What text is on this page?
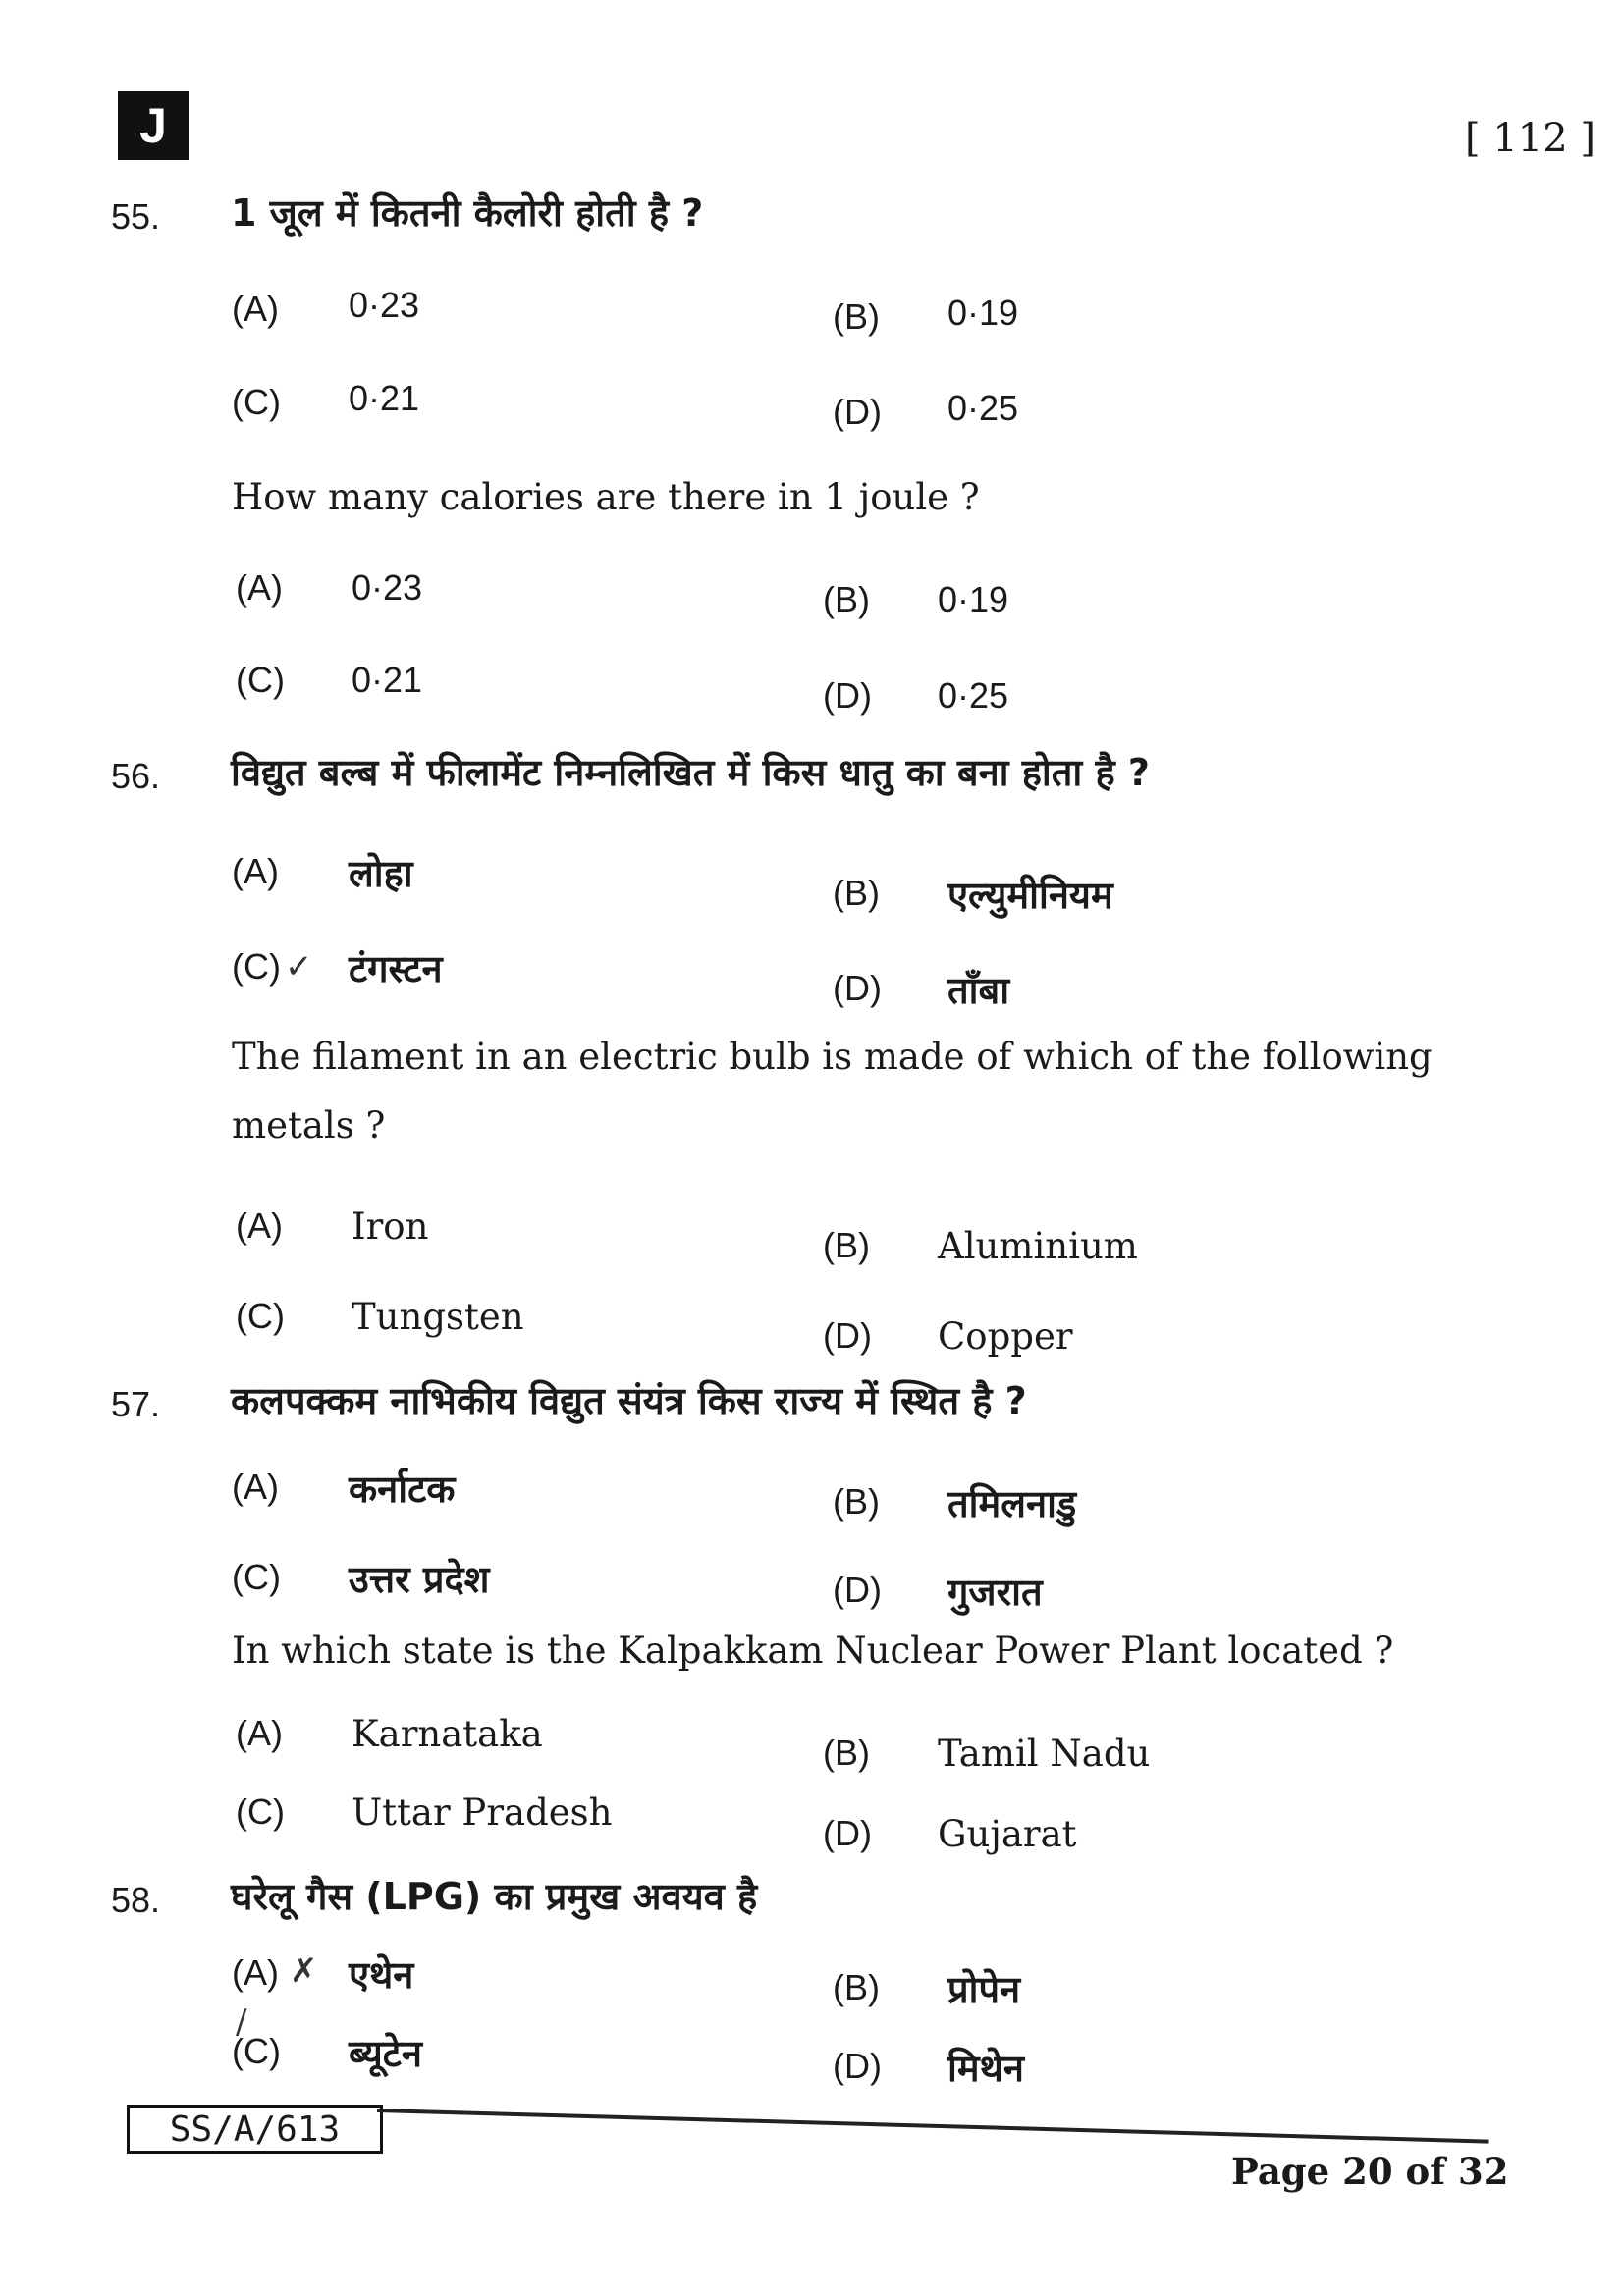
J	[ 112 ]
55. 1 जूल में कितनी कैलोरी होती है ?
(A) 0·23	(B) 0·19
(C) 0·21	(D) 0·25
How many calories are there in 1 joule ?
(A) 0·23	(B) 0·19
(C) 0·21	(D) 0·25
56. विद्युत बल्ब में फीलामेंट निम्नलिखित में किस धातु का बना होता है ?
(A) लोहा	(B) एल्युमीनियम
(C) टंगस्टन	(D) ताँबा
The filament in an electric bulb is made of which of the following
metals ?
(A) Iron	(B) Aluminium
(C) Tungsten	(D) Copper
57. कलपक्कम नाभिकीय विद्युत संयंत्र किस राज्य में स्थित है ?
(A) कर्नाटक	(B) तमिलनाडु
(C) उत्तर प्रदेश	(D) गुजरात
In which state is the Kalpakkam Nuclear Power Plant located ?
(A) Karnataka	(B) Tamil Nadu
(C) Uttar Pradesh	(D) Gujarat
58. घरेलू गैस (LPG) का प्रमुख अवयव है
(A) एथेन	(B) प्रोपेन
(C) ब्यूटेन	(D) मिथेन
✓
✗
/
SS/A/613
Page 20 of 32
